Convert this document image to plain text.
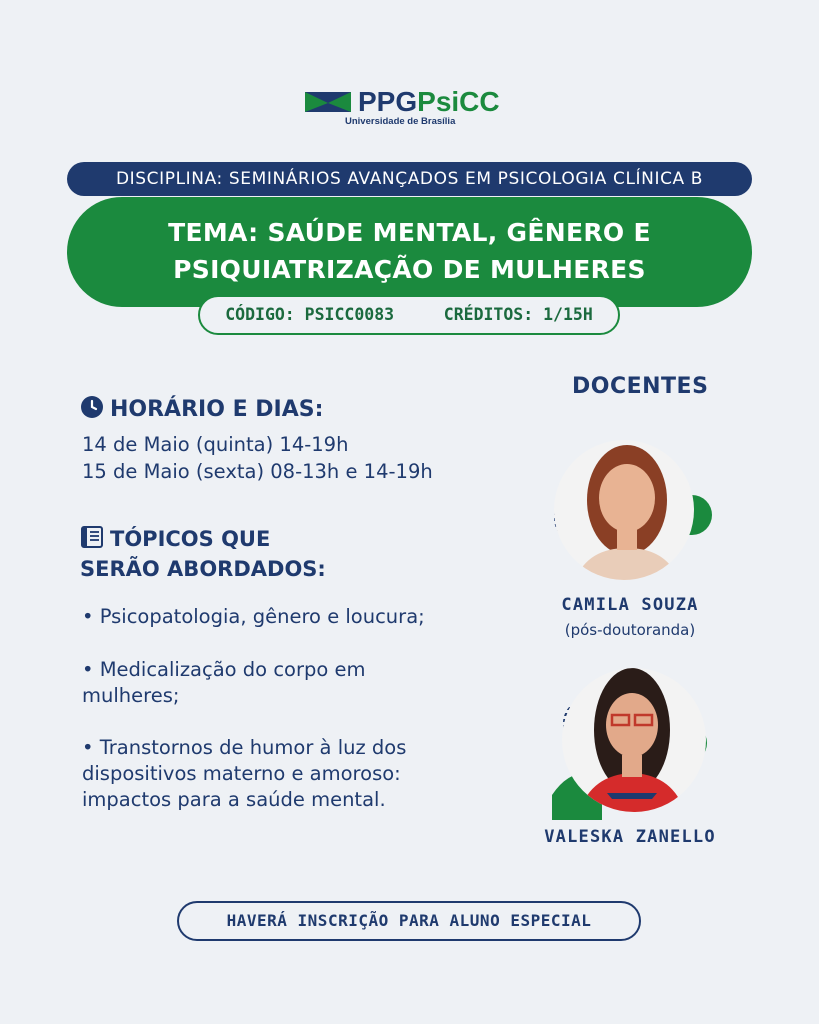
PPGPsiCC
Universidade de Brasília
DISCIPLINA: SEMINÁRIOS AVANÇADOS EM PSICOLOGIA CLÍNICA B
TEMA: SAÚDE MENTAL, GÊNERO E
PSIQUIATRIZAÇÃO DE MULHERES
CÓDIGO: PSICC0083	CRÉDITOS: 1/15H
DOCENTES
HORÁRIO E DIAS:
14 de Maio (quinta) 14-19h
15 de Maio (sexta) 08-13h e 14-19h
TÓPICOS QUE
SERÃO ABORDADOS:
• Psicopatologia, gênero e loucura;
• Medicalização do corpo em mulheres;
• Transtornos de humor à luz dos dispositivos materno e amoroso: impactos para a saúde mental.
CAMILA SOUZA
(pós-doutoranda)
VALESKA ZANELLO
HAVERÁ INSCRIÇÃO PARA ALUNO ESPECIAL
